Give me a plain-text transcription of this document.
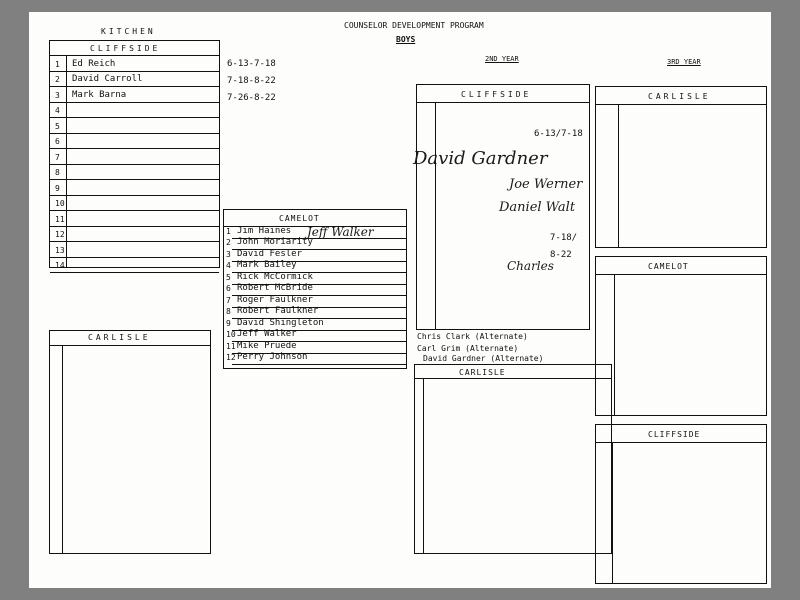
COUNSELOR DEVELOPMENT PROGRAM
BOYS
2ND YEAR	3RD YEAR
KITCHEN
CLIFFSIDE
1 Ed Reich
2 David Carroll
3 Mark Barna
4
5
6
7
8
9
10
11
12
13
14
6-13-7-18
7-18-8-22
7-26-8-22
CAMELOT
1 Jim Haines
2 John Moriarity
3 David Fesler
4 Mark Bailey
5 Rick McCormick
6 Robert McBride
7 Roger Faulkner
8 Robert Faulkner
9 David Shingleton
10 Jeff Walker
11 Mike Pruede
12 Perry Johnson
Jeff Walker
CARLISLE
CLIFFSIDE
6-13/7-18
7-18/
8-22
David Gardner
Joe Werner
Daniel Walt
Charles
Chris Clark (Alternate)
Carl Grim (Alternate)
David Gardner (Alternate)
CARLISLE
CARLISLE
CAMELOT
CLIFFSIDE
